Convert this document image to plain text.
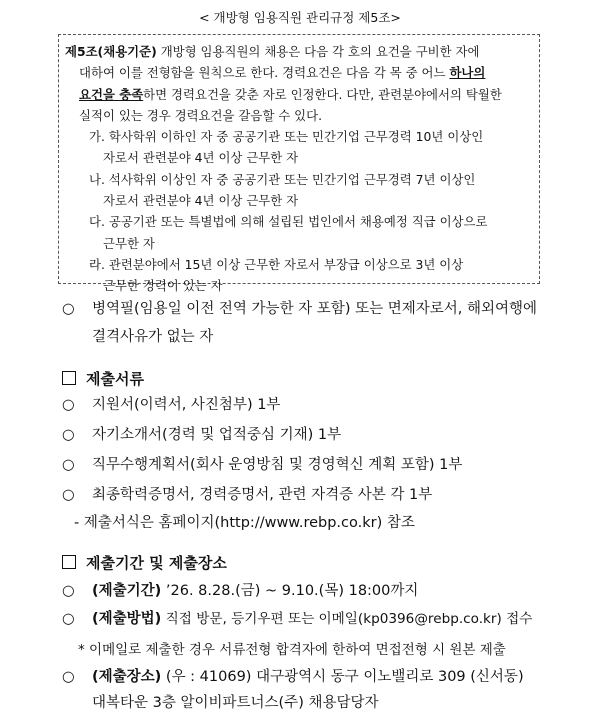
< 개방형 임용직원 관리규정 제5조>
제5조(채용기준) 개방형 임용직원의 채용은 다음 각 호의 요건을 구비한 자에
대하여 이를 전형함을 원칙으로 한다. 경력요건은 다음 각 목 중 어느 하나의
요건을 충족하면 경력요건을 갖춘 자로 인정한다. 다만, 관련분야에서의 탁월한
실적이 있는 경우 경력요건을 갈음할 수 있다.
가. 학사학위 이하인 자 중 공공기관 또는 민간기업 근무경력 10년 이상인
자로서 관련분야 4년 이상 근무한 자
나. 석사학위 이상인 자 중 공공기관 또는 민간기업 근무경력 7년 이상인
자로서 관련분야 4년 이상 근무한 자
다. 공공기관 또는 특별법에 의해 설립된 법인에서 채용예정 직급 이상으로
근무한 자
라. 관련분야에서 15년 이상 근무한 자로서 부장급 이상으로 3년 이상
근무한 경력이 있는 자
○ 병역필(임용일 이전 전역 가능한 자 포함) 또는 면제자로서, 해외여행에
결격사유가 없는 자
제출서류
○ 지원서(이력서, 사진첨부) 1부
○ 자기소개서(경력 및 업적중심 기재) 1부
○ 직무수행계획서(회사 운영방침 및 경영혁신 계획 포함) 1부
○ 최종학력증명서, 경력증명서, 관련 자격증 사본 각 1부
- 제출서식은 홈페이지(http://www.rebp.co.kr) 참조
제출기간 및 제출장소
○ (제출기간) ’26. 8.28.(금) ~ 9.10.(목) 18:00까지
○ (제출방법) 직접 방문, 등기우편 또는 이메일(kp0396@rebp.co.kr) 접수
* 이메일로 제출한 경우 서류전형 합격자에 한하여 면접전형 시 원본 제출
○ (제출장소) (우 : 41069) 대구광역시 동구 이노밸리로 309 (신서동)
대복타운 3층 알이비파트너스(주) 채용담당자
